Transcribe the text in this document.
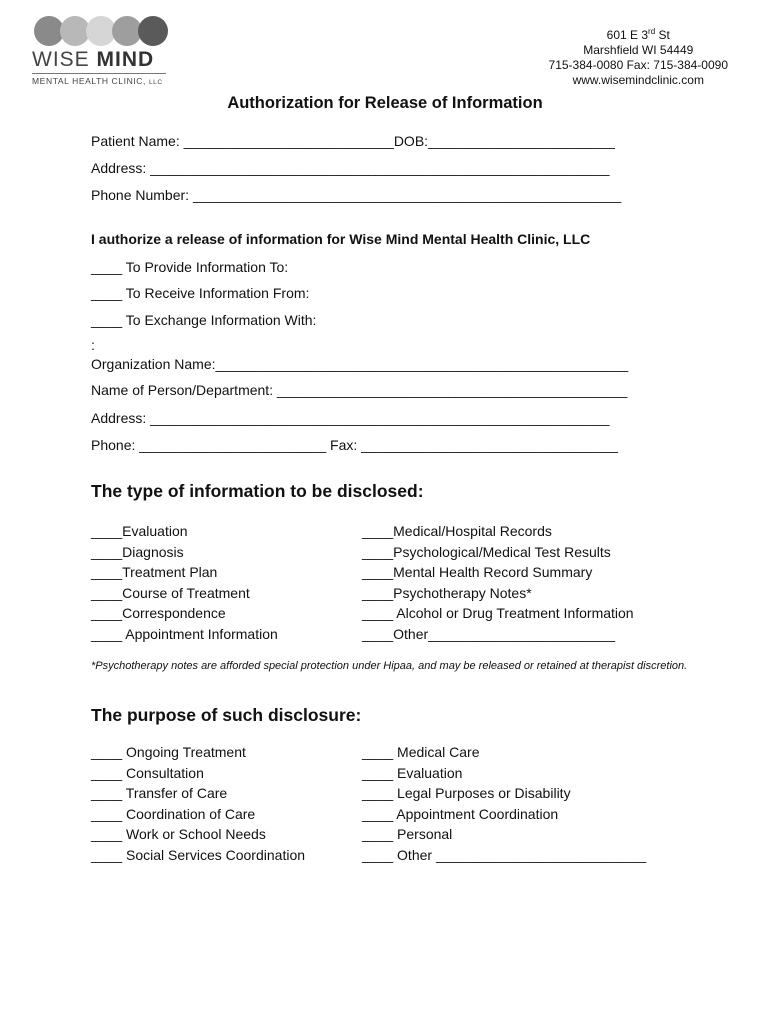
WISE MIND
MENTAL HEALTH CLINIC, LLC
601 E 3rd St
Marshfield WI 54449
715-384-0080 Fax: 715-384-0090
www.wisemindclinic.com
Authorization for Release of Information
Patient Name: ___________________________DOB:________________________
Address: ___________________________________________________________
Phone Number: _______________________________________________________
I authorize a release of information for Wise Mind Mental Health Clinic, LLC
____ To Provide Information To:
____ To Receive Information From:
____ To Exchange Information With:
:
Organization Name:_____________________________________________________
Name of Person/Department: _____________________________________________
Address: ___________________________________________________________
Phone: ________________________ Fax: _________________________________
The type of information to be disclosed:
____Evaluation
____Diagnosis
____Treatment Plan
____Course of Treatment
____Correspondence
____ Appointment Information
____Medical/Hospital Records
____Psychological/Medical Test Results
____Mental Health Record Summary
____Psychotherapy Notes*
____ Alcohol or Drug Treatment Information
____Other________________________
*Psychotherapy notes are afforded special protection under Hipaa, and may be released or retained at therapist discretion.
The purpose of such disclosure:
____ Ongoing Treatment
____ Consultation
____ Transfer of Care
____ Coordination of Care
____ Work or School Needs
____ Social Services Coordination
____ Medical Care
____ Evaluation
____ Legal Purposes or Disability
____ Appointment Coordination
____ Personal
____ Other ___________________________
